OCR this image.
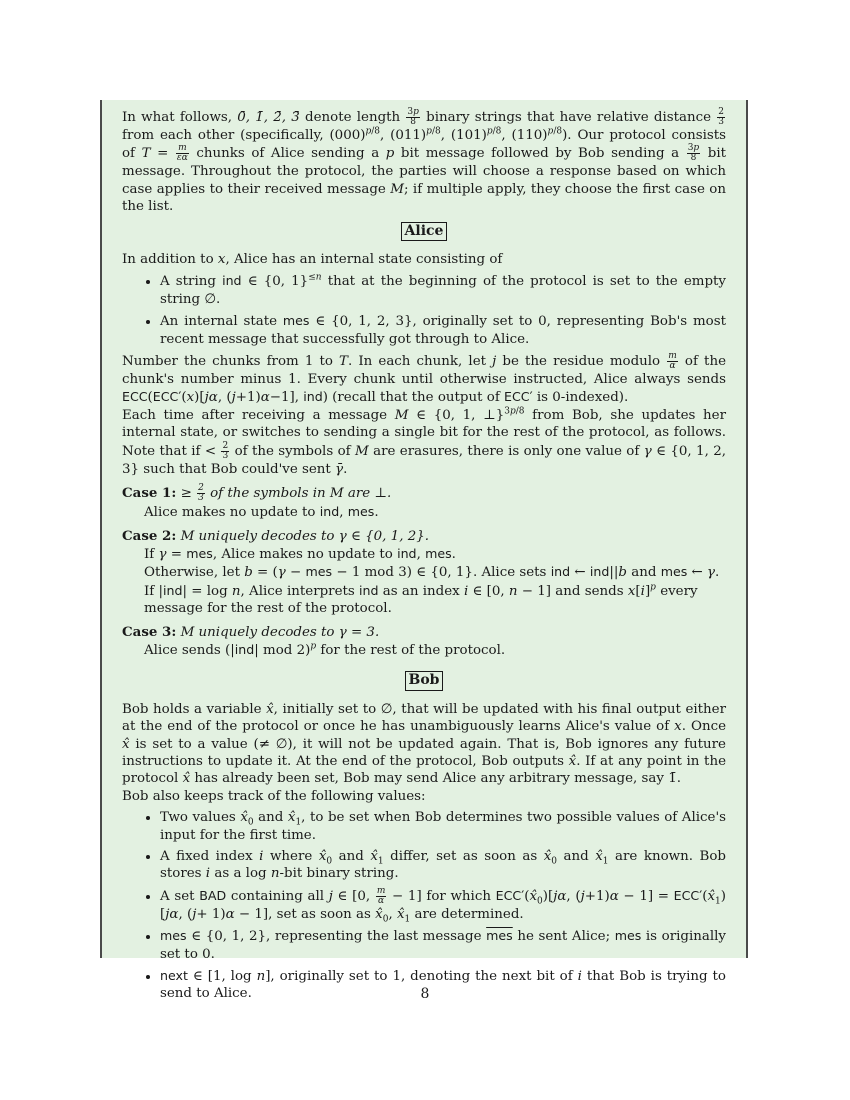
In what follows, 0̄, 1̄, 2̄, 3̄ denote length $\frac{3p}{8}$ binary strings that have relative distance $\frac{2}{3}$
from each other (specifically, $(000)^{p/8}$, $(011)^{p/8}$, $(101)^{p/8}$, $(110)^{p/8}$). Our protocol consists of $T = \frac{m}{\varepsilon\alpha}$ chunks of Alice sending a p bit message followed by Bob sending a $\frac{3p}{8}$ bit message. Throughout the protocol, the parties will choose a response based on which case applies to their received message M; if multiple apply, they choose the first case on the list.

Alice

In addition to x, Alice has an internal state consisting of

• A string ind ∈ {0, 1}$^{\le n}$ that at the beginning of the protocol is set to the empty string ∅.
• An internal state mes ∈ {0, 1, 2, 3}, originally set to 0, representing Bob's most recent message that successfully got through to Alice.

Number the chunks from 1 to T. In each chunk, let j be the residue modulo $\frac{m}{\alpha}$ of the chunk's number minus 1. Every chunk until otherwise instructed, Alice always sends ECC(ECC′(x)[jα, (j+1)α−1], ind) (recall that the output of ECC′ is 0-indexed).

Each time after receiving a message M ∈ {0, 1, ⊥}$^{3p/8}$ from Bob, she updates her internal state, or switches to sending a single bit for the rest of the protocol, as follows. Note that if < $\frac{2}{3}$ of the symbols of M are erasures, there is only one value of γ ∈ {0, 1, 2, 3} such that Bob could've sent γ̄.

Case 1: ≥ $\frac{2}{3}$ of the symbols in M are ⊥.
Alice makes no update to ind, mes.
Case 2: M uniquely decodes to γ ∈ {0, 1, 2}.
If γ = mes, Alice makes no update to ind, mes.
Otherwise, let b = (γ − mes − 1 mod 3) ∈ {0, 1}. Alice sets ind ← ind||b and mes ← γ.
If |ind| = log n, Alice interprets ind as an index i ∈ [0, n − 1] and sends $x[i]^p$ every message for the rest of the protocol.
Case 3: M uniquely decodes to γ = 3.
Alice sends (|ind| mod 2)$^p$ for the rest of the protocol.
Bob

Bob holds a variable x̂, initially set to ∅, that will be updated with his final output either at the end of the protocol or once he has unambiguously learns Alice's value of x. Once x̂ is set to a value (≠ ∅), it will not be updated again. That is, Bob ignores any future instructions to update it. At the end of the protocol, Bob outputs x̂. If at any point in the protocol x̂ has already been set, Bob may send Alice any arbitrary message, say 1̄.

Bob also keeps track of the following values:

• Two values $x̂_0$ and $x̂_1$, to be set when Bob determines two possible values of Alice's input for the first time.
• A fixed index i where $x̂_0$ and $x̂_1$ differ, set as soon as $x̂_0$ and $x̂_1$ are known. Bob stores i as a log n-bit binary string.
• A set BAD containing all j ∈ [0, $\frac{m}{\alpha} - 1$] for which $ECC'(x̂_0)[j\alpha$, $(j+1)\alpha - 1] = ECC'(x̂_1)[j\alpha$, (j+ 1)α − 1], set as soon as $x̂_0$, $x̂_1$ are determined.
• mes ∈ {0, 1, 2}, representing the last message $\overline{mes}$ he sent Alice; mes is originally set to 0.
• next ∈ [1, log n], originally set to 1, denoting the next bit of i that Bob is trying to send to Alice.	8
